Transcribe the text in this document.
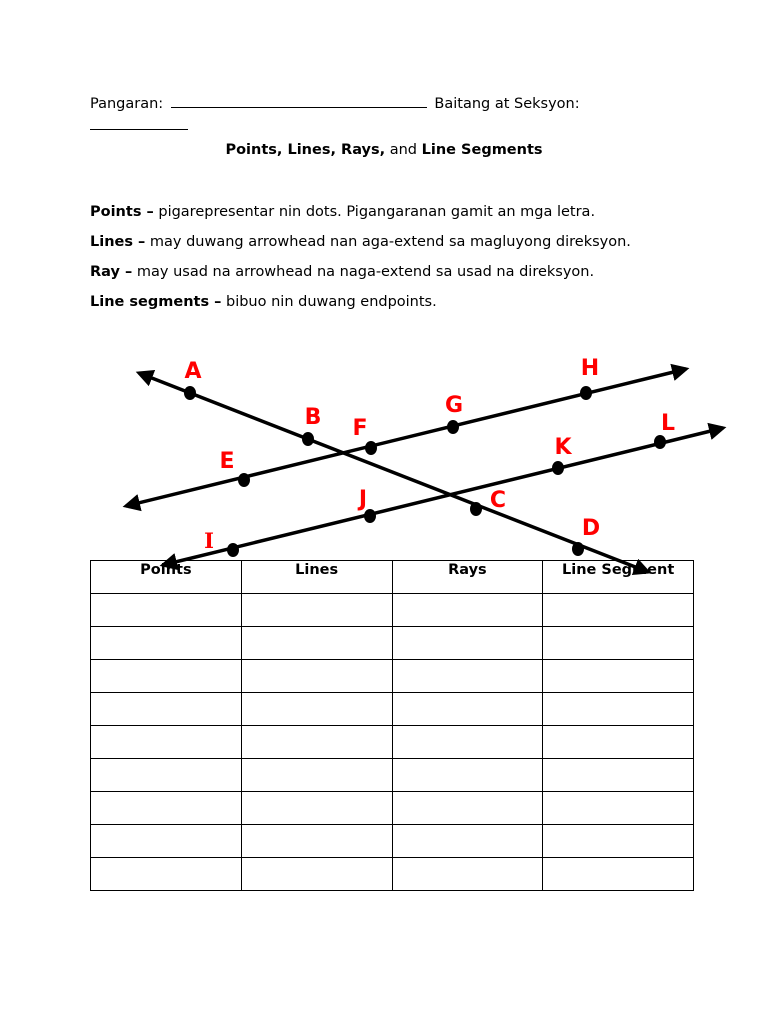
Pangaran:	Baitang at Seksyon:

Points, Lines, Rays, and Line Segments
Points – pigarepresentar nin dots. Pigangaranan gamit an mga letra.
Lines – may duwang arrowhead nan aga-extend sa magluyong direksyon.
Ray – may usad na arrowhead na naga-extend sa usad na direksyon.
Line segments – bibuo nin duwang endpoints.
A
B
C
D
E
F
G
H
I
J
K
L
Points	Lines	Rays	Line Segment
